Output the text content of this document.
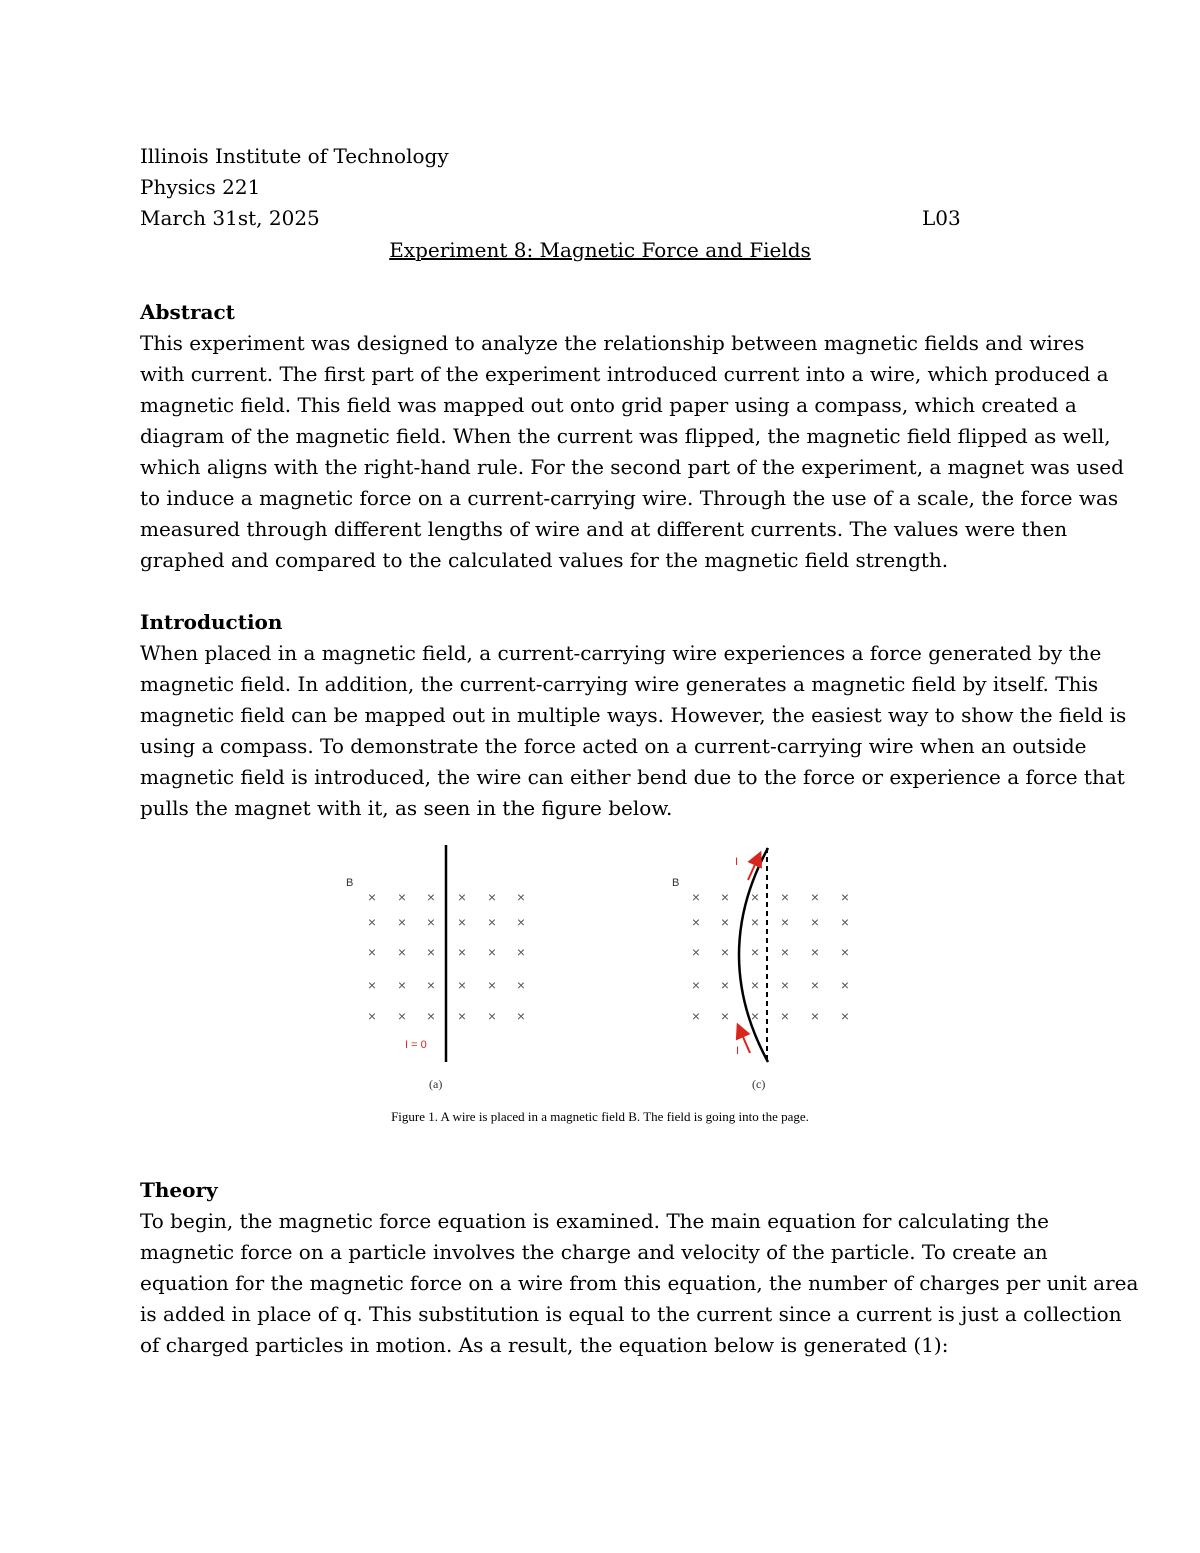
Illinois Institute of Technology
Physics 221
March 31st, 2025	L03
Experiment 8: Magnetic Force and Fields
Abstract
This experiment was designed to analyze the relationship between magnetic fields and wires
with current. The first part of the experiment introduced current into a wire, which produced a
magnetic field. This field was mapped out onto grid paper using a compass, which created a
diagram of the magnetic field. When the current was flipped, the magnetic field flipped as well,
which aligns with the right-hand rule. For the second part of the experiment, a magnet was used
to induce a magnetic force on a current-carrying wire. Through the use of a scale, the force was
measured through different lengths of wire and at different currents. The values were then
graphed and compared to the calculated values for the magnetic field strength.
Introduction
When placed in a magnetic field, a current-carrying wire experiences a force generated by the
magnetic field. In addition, the current-carrying wire generates a magnetic field by itself. This
magnetic field can be mapped out in multiple ways. However, the easiest way to show the field is
using a compass. To demonstrate the force acted on a current-carrying wire when an outside
magnetic field is introduced, the wire can either bend due to the force or experience a force that
pulls the magnet with it, as seen in the figure below.
B
× × × × × ×
× × × × × ×
× × × × × ×
× × × × × ×
× × × × × ×
I = 0
B
× × × × × ×
× × × × × ×
× × × × × ×
× × × × × ×
× × × × × ×
I
I
(a)	(c)
Figure 1. A wire is placed in a magnetic field B. The field is going into the page.
Theory
To begin, the magnetic force equation is examined. The main equation for calculating the
magnetic force on a particle involves the charge and velocity of the particle. To create an
equation for the magnetic force on a wire from this equation, the number of charges per unit area
is added in place of q. This substitution is equal to the current since a current is just a collection
of charged particles in motion. As a result, the equation below is generated (1):
